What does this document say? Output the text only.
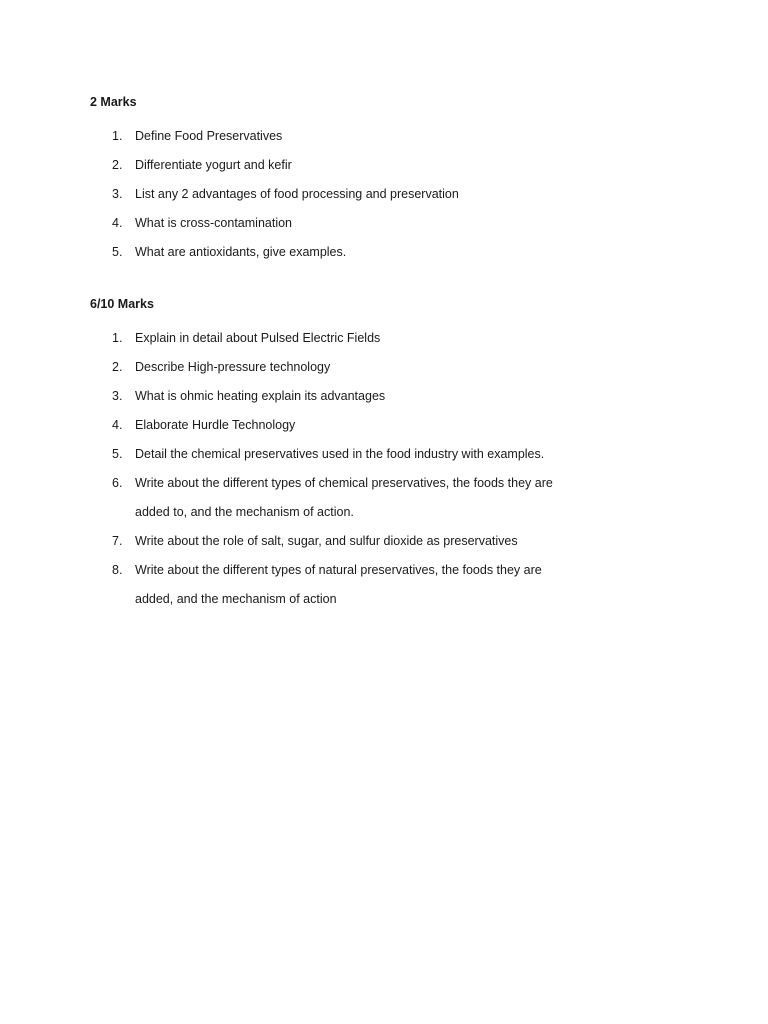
2 Marks
1.	Define Food Preservatives
2.	Differentiate yogurt and kefir
3.	List any 2 advantages of food processing and preservation
4.	What is cross-contamination
5.	What are antioxidants, give examples.
6/10 Marks
1.	Explain in detail about Pulsed Electric Fields
2.	Describe High-pressure technology
3.	What is ohmic heating explain its advantages
4.	Elaborate Hurdle Technology
5.	Detail the chemical preservatives used in the food industry with examples.
6.	Write about the different types of chemical preservatives, the foods they are added to, and the mechanism of action.
7.	Write about the role of salt, sugar, and sulfur dioxide as preservatives
8.	Write about the different types of natural preservatives, the foods they are added, and the mechanism of action
